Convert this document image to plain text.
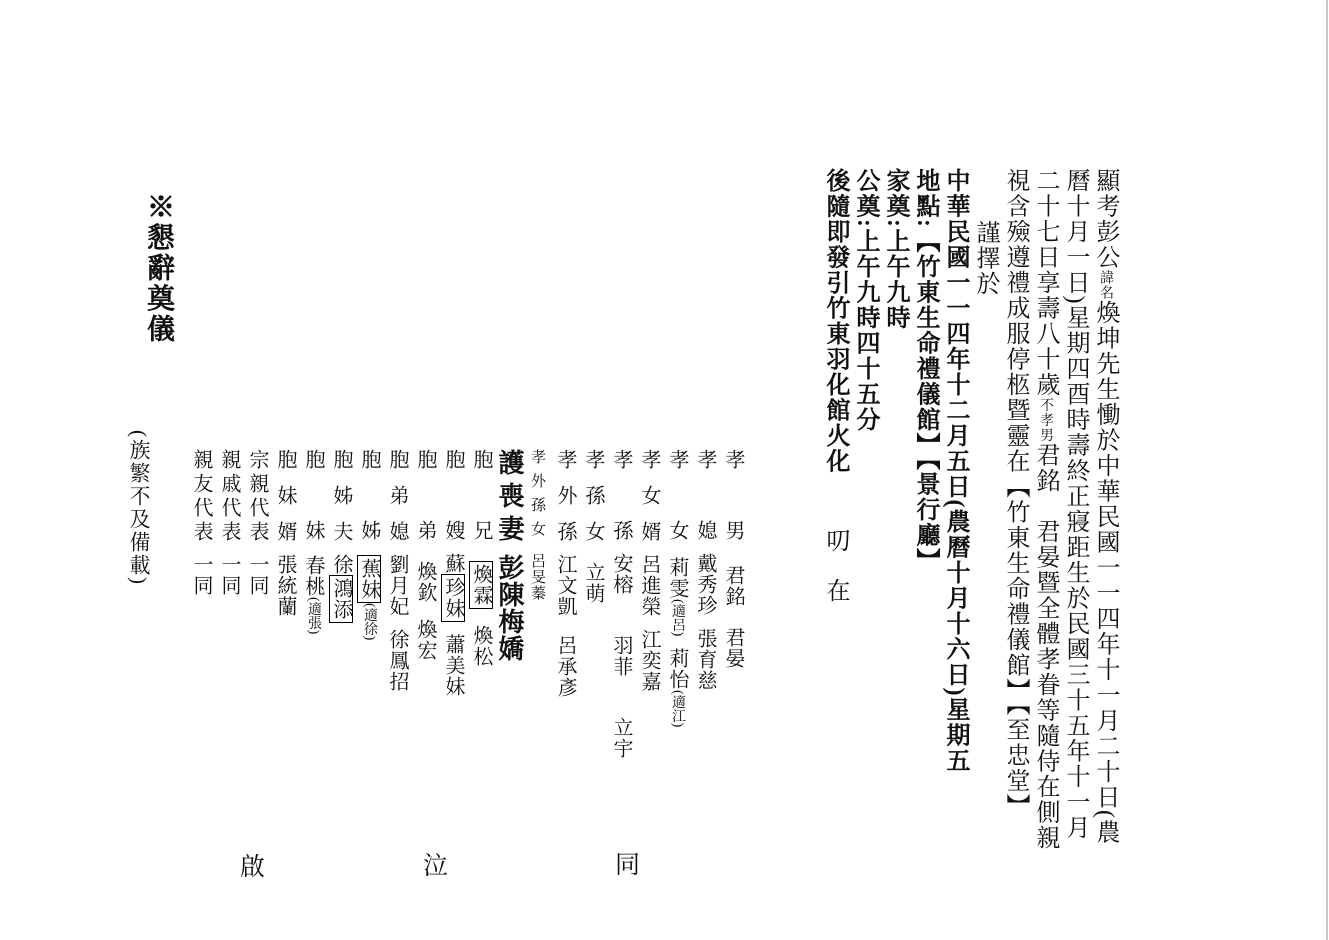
顯考彭公諱名煥坤先生慟於中華民國一一四年十一月二十日(農
曆十月一日)星期四酉時壽終正寢距生於民國三十五年十一月
二十七日享壽八十歲不孝男君銘　君晏暨全體孝眷等隨侍在側親
視含殮遵禮成服停柩暨靈在【竹東生命禮儀館】【至忠堂】
謹擇於
中華民國一一四年十二月五日(農曆十月十六日)星期五
地點:【竹東生命禮儀館】【景行廳】
家奠:上午九時
公奠:上午九時四十五分
後隨即發引竹東羽化館火化叨在
孝男君銘君晏
孝媳戴秀珍張育慈
孝女莉雯(適呂)莉怡(適江)
孝女婿呂進榮江奕嘉
孝孫安榕羽菲立宇
孝孫女立萌
孝外孫江文凱呂承彥
孝外孫女呂旻蓁
護喪妻彭陳梅嬌
胞兄煥霖煥松
胞嫂蘇珍妹蕭美妹
胞弟煥欽煥宏
胞弟媳劉月妃徐鳳招
胞姊蕉妹(適徐)
胞姊夫徐鴻添
胞妹春桃(適張)
胞妹婿張統蘭
宗親代表一同
親戚代表一同
親友代表一同
※懇辭奠儀
(族繁不及備載)
同
泣
啟
